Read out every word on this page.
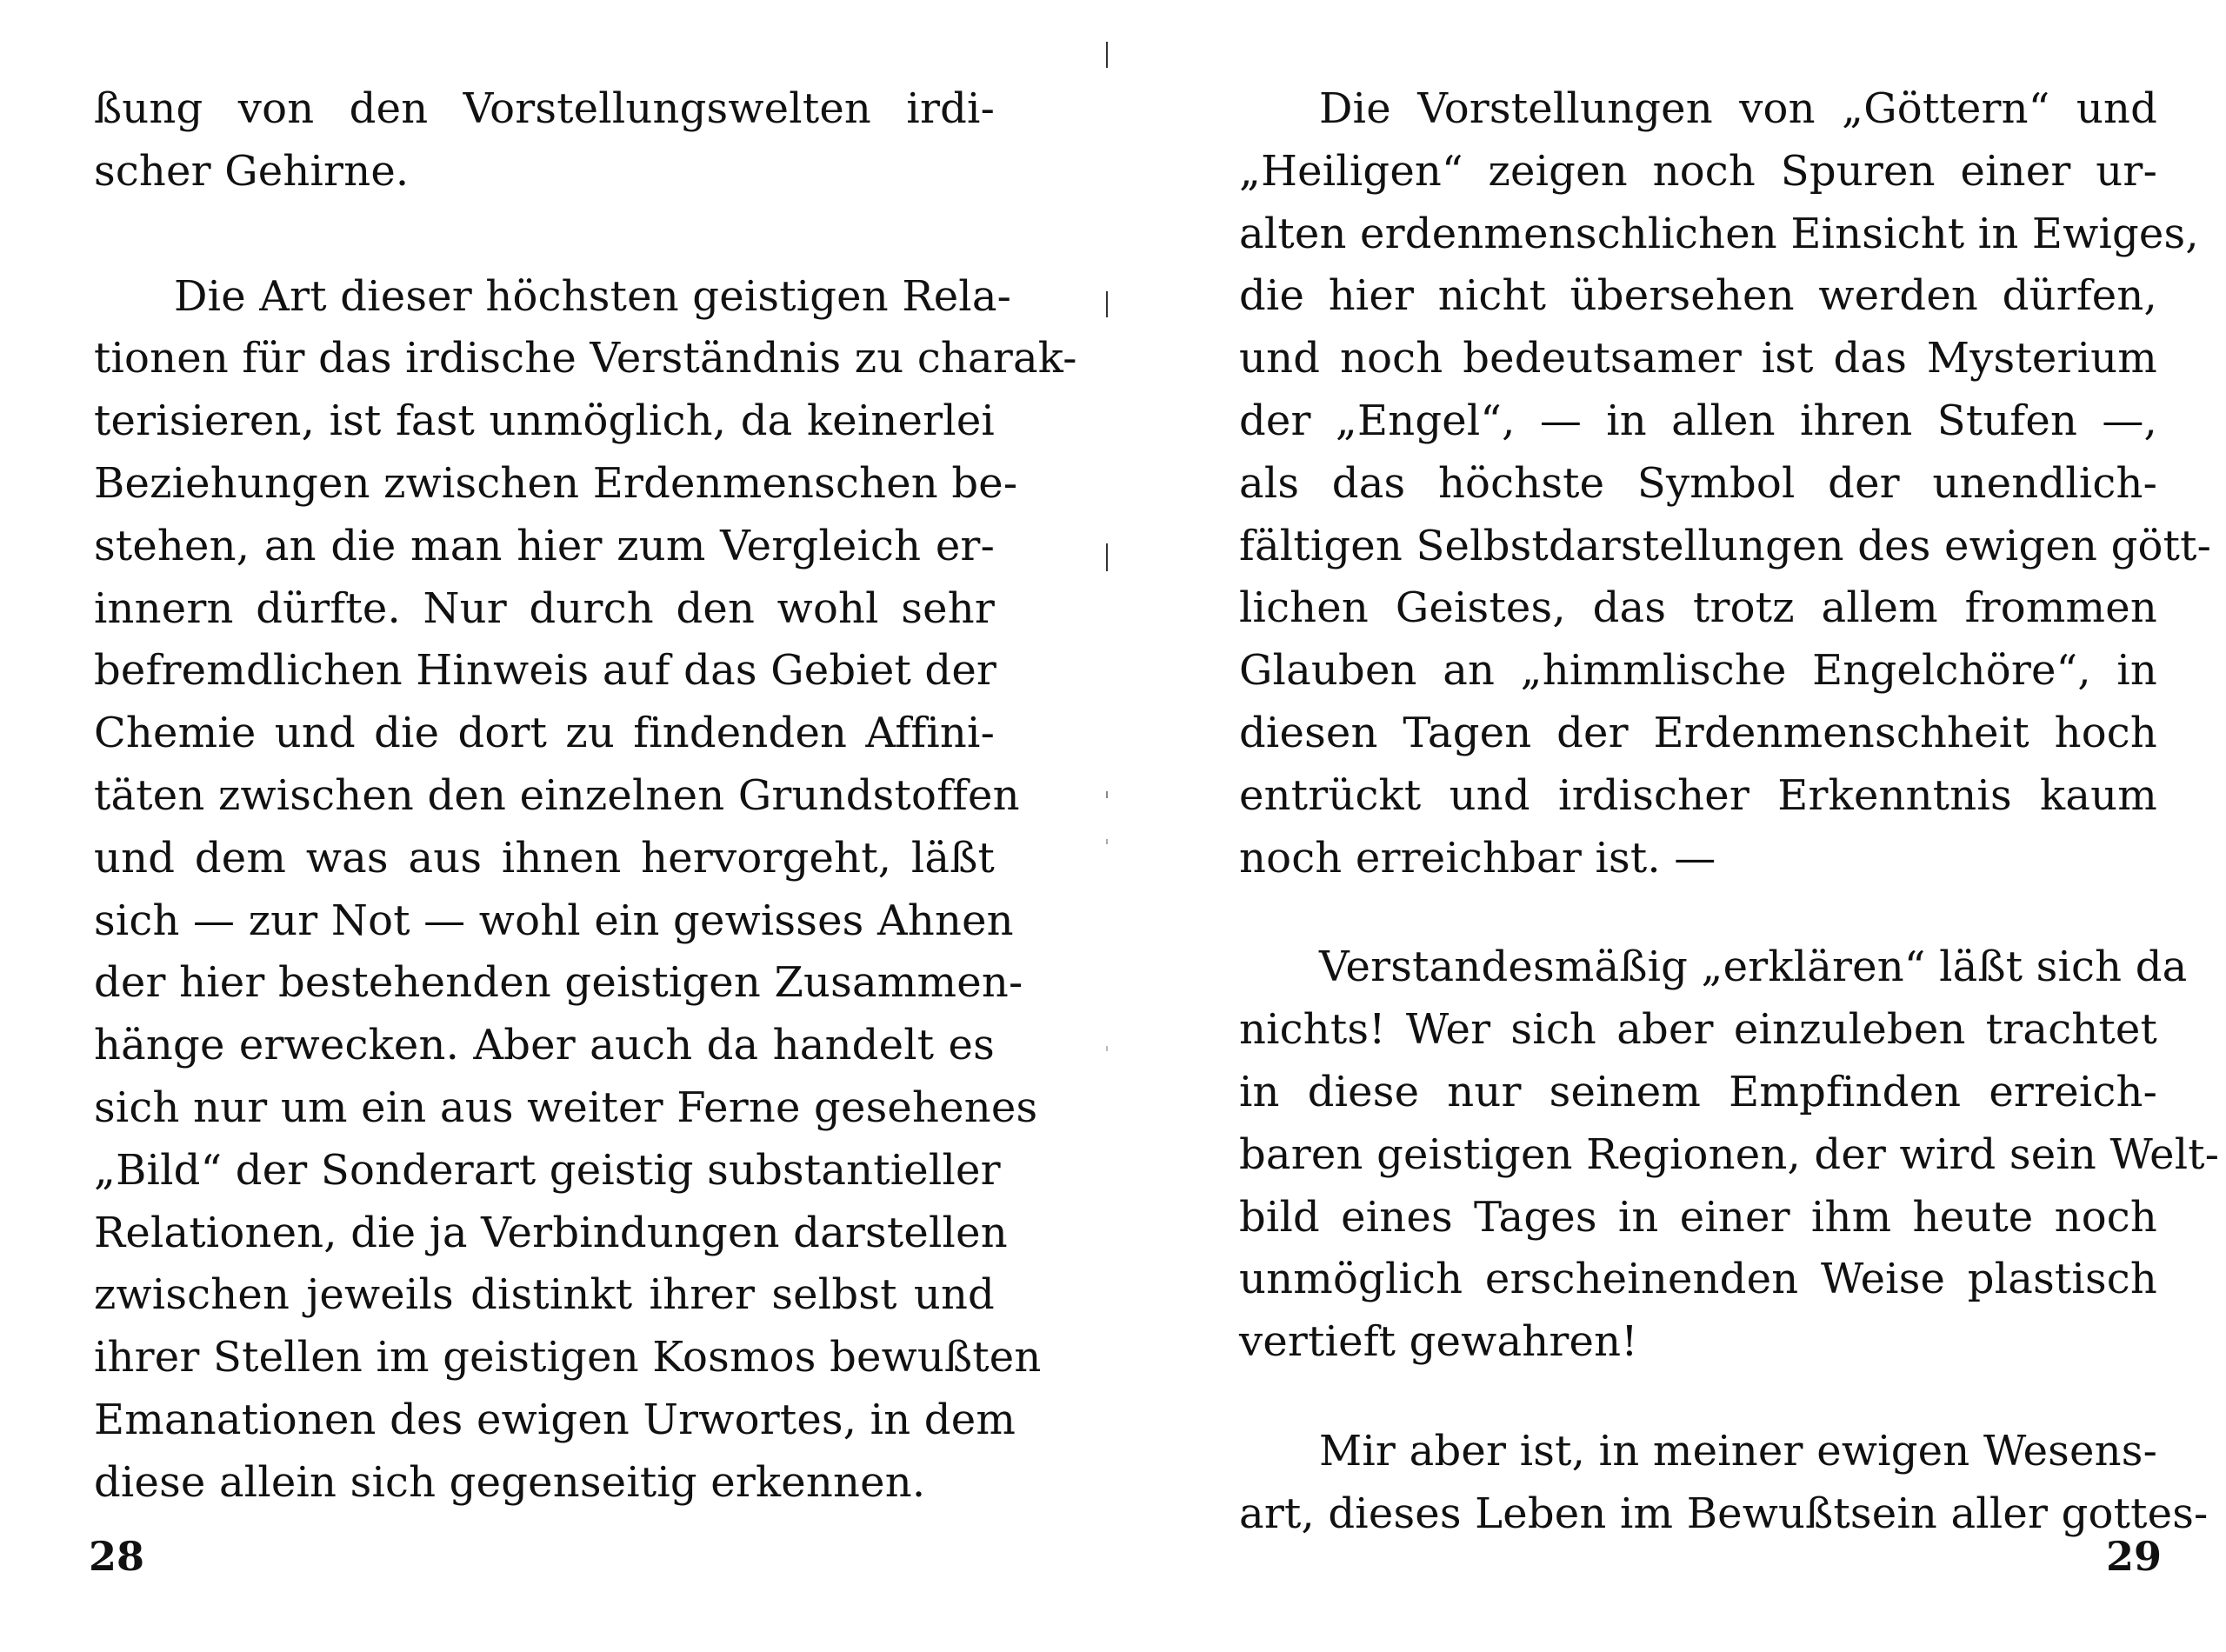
ßung von den Vorstellungswelten irdi-
scher Gehirne.
Die Art dieser höchsten geistigen Rela-
tionen für das irdische Verständnis zu charak-
terisieren, ist fast unmöglich, da keinerlei
Beziehungen zwischen Erdenmenschen be-
stehen, an die man hier zum Vergleich er-
innern dürfte. Nur durch den wohl sehr
befremdlichen Hinweis auf das Gebiet der
Chemie und die dort zu findenden Affini-
täten zwischen den einzelnen Grundstoffen
und dem was aus ihnen hervorgeht, läßt
sich — zur Not — wohl ein gewisses Ahnen
der hier bestehenden geistigen Zusammen-
hänge erwecken. Aber auch da handelt es
sich nur um ein aus weiter Ferne gesehenes
„Bild“ der Sonderart geistig substantieller
Relationen, die ja Verbindungen darstellen
zwischen jeweils distinkt ihrer selbst und
ihrer Stellen im geistigen Kosmos bewußten
Emanationen des ewigen Urwortes, in dem
diese allein sich gegenseitig erkennen.
28
Die Vorstellungen von „Göttern“ und
„Heiligen“ zeigen noch Spuren einer ur-
alten erdenmenschlichen Einsicht in Ewiges,
die hier nicht übersehen werden dürfen,
und noch bedeutsamer ist das Mysterium
der „Engel“, — in allen ihren Stufen —,
als das höchste Symbol der unendlich-
fältigen Selbstdarstellungen des ewigen gött-
lichen Geistes, das trotz allem frommen
Glauben an „himmlische Engelchöre“, in
diesen Tagen der Erdenmenschheit hoch
entrückt und irdischer Erkenntnis kaum
noch erreichbar ist. —
Verstandesmäßig „erklären“ läßt sich da
nichts! Wer sich aber einzuleben trachtet
in diese nur seinem Empfinden erreich-
baren geistigen Regionen, der wird sein Welt-
bild eines Tages in einer ihm heute noch
unmöglich erscheinenden Weise plastisch
vertieft gewahren!
Mir aber ist, in meiner ewigen Wesens-
art, dieses Leben im Bewußtsein aller gottes-
29
